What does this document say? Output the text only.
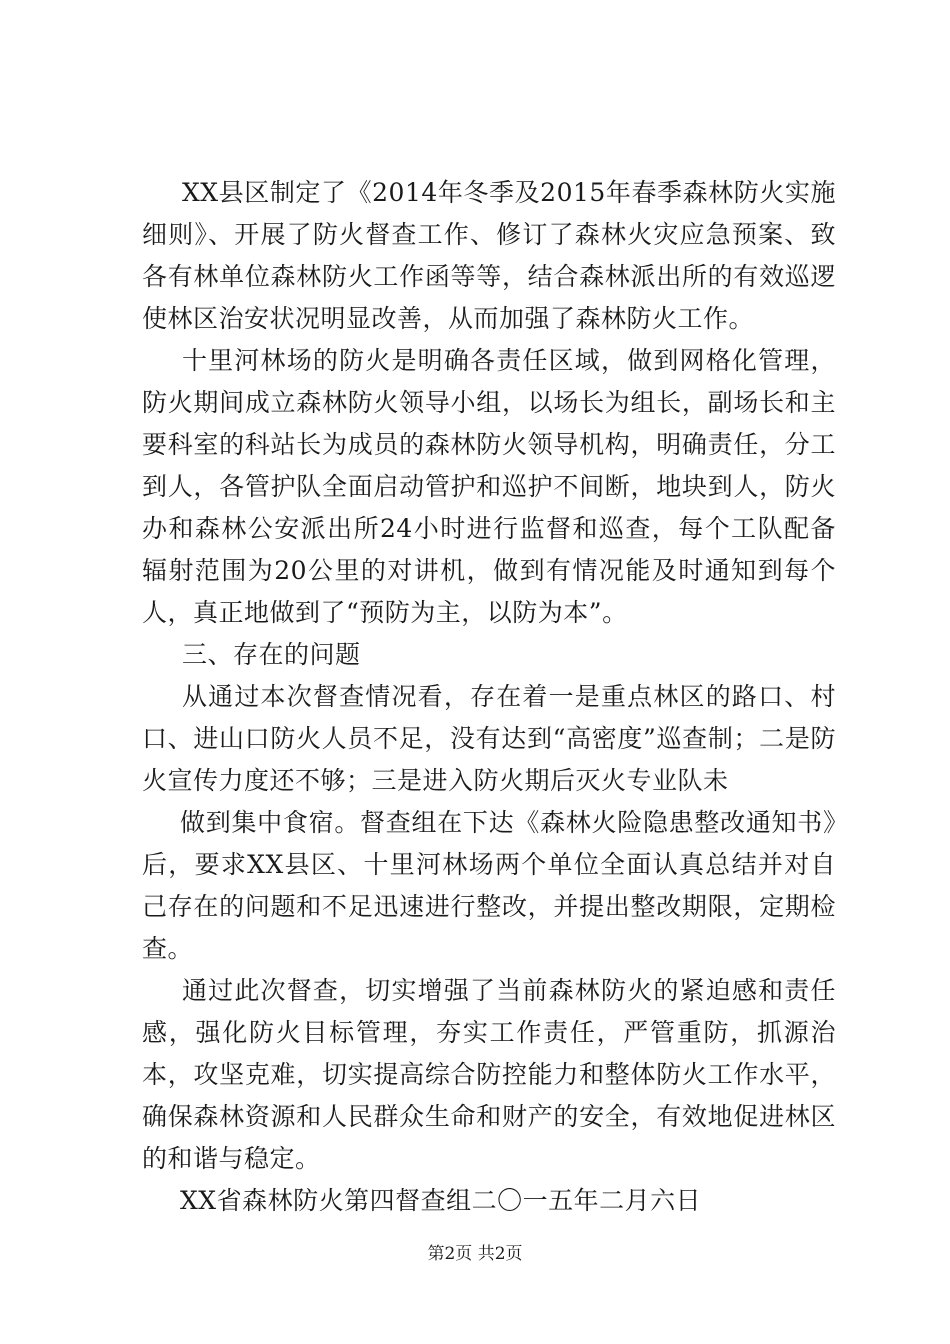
XX县区制定了《2014年冬季及2015年春季森林防火实施细则》、开展了防火督查工作、修订了森林火灾应急预案、致各有林单位森林防火工作函等等，结合森林派出所的有效巡逻使林区治安状况明显改善，从而加强了森林防火工作。

十里河林场的防火是明确各责任区域，做到网格化管理，防火期间成立森林防火领导小组，以场长为组长，副场长和主要科室的科站长为成员的森林防火领导机构，明确责任，分工到人，各管护队全面启动管护和巡护不间断，地块到人，防火办和森林公安派出所24小时进行监督和巡查，每个工队配备辐射范围为20公里的对讲机，做到有情况能及时通知到每个人，真正地做到了“预防为主，以防为本”。

三、存在的问题

从通过本次督查情况看，存在着一是重点林区的路口、村口、进山口防火人员不足，没有达到“高密度”巡查制；二是防火宣传力度还不够；三是进入防火期后灭火专业队未

做到集中食宿。督查组在下达《森林火险隐患整改通知书》后，要求XX县区、十里河林场两个单位全面认真总结并对自己存在的问题和不足迅速进行整改，并提出整改期限，定期检查。

通过此次督查，切实增强了当前森林防火的紧迫感和责任感，强化防火目标管理，夯实工作责任，严管重防，抓源治本，攻坚克难，切实提高综合防控能力和整体防火工作水平，确保森林资源和人民群众生命和财产的安全，有效地促进林区的和谐与稳定。

XX省森林防火第四督查组二〇一五年二月六日

第2页 共2页
